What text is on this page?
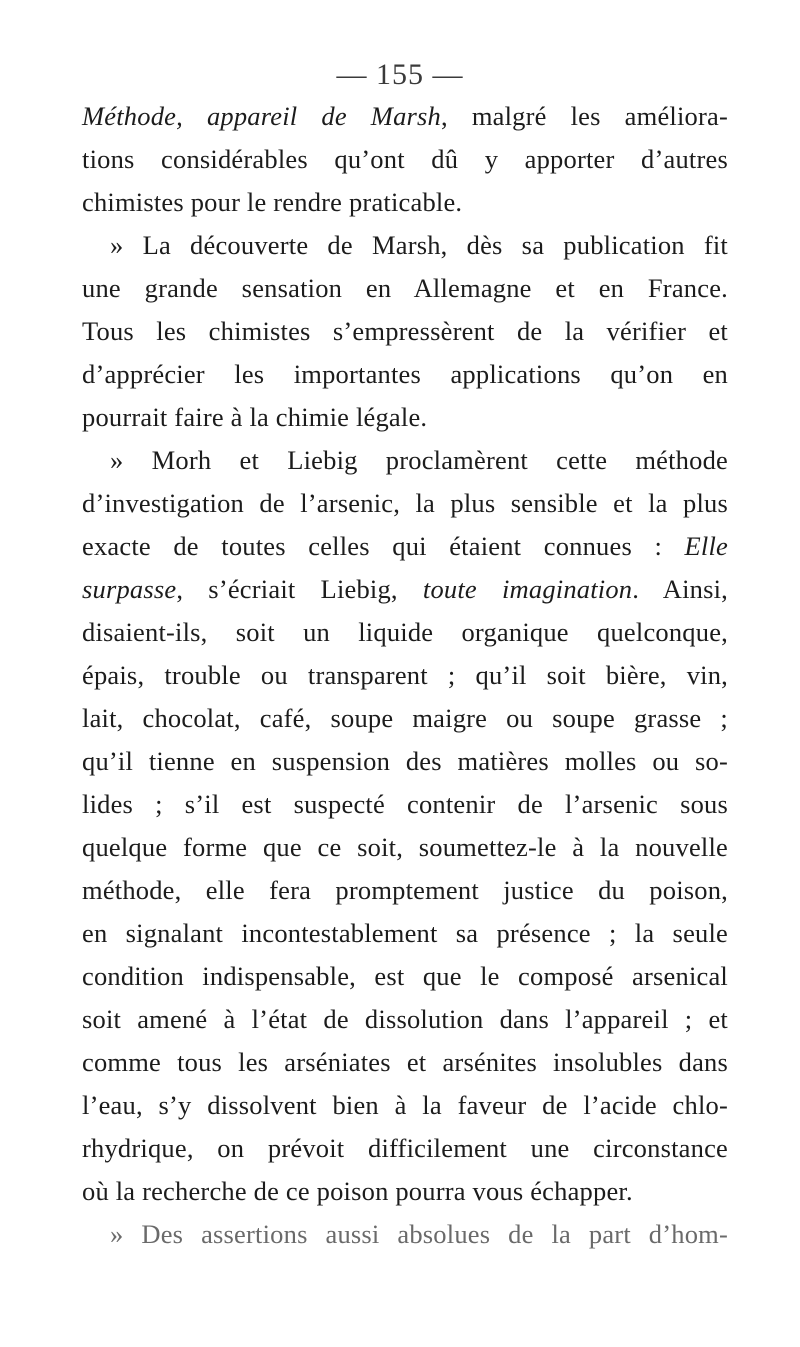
— 155 —
Méthode, appareil de Marsh, malgré les améliora-
tions considérables qu’ont dû y apporter d’autres
chimistes pour le rendre praticable.
» La découverte de Marsh, dès sa publication fit
une grande sensation en Allemagne et en France.
Tous les chimistes s’empressèrent de la vérifier et
d’apprécier les importantes applications qu’on en
pourrait faire à la chimie légale.
» Morh et Liebig proclamèrent cette méthode
d’investigation de l’arsenic, la plus sensible et la plus
exacte de toutes celles qui étaient connues : Elle
surpasse, s’écriait Liebig, toute imagination. Ainsi,
disaient-ils, soit un liquide organique quelconque,
épais, trouble ou transparent ; qu’il soit bière, vin,
lait, chocolat, café, soupe maigre ou soupe grasse ;
qu’il tienne en suspension des matières molles ou so-
lides ; s’il est suspecté contenir de l’arsenic sous
quelque forme que ce soit, soumettez-le à la nouvelle
méthode, elle fera promptement justice du poison,
en signalant incontestablement sa présence ; la seule
condition indispensable, est que le composé arsenical
soit amené à l’état de dissolution dans l’appareil ; et
comme tous les arséniates et arsénites insolubles dans
l’eau, s’y dissolvent bien à la faveur de l’acide chlo-
rhydrique, on prévoit difficilement une circonstance
où la recherche de ce poison pourra vous échapper.
» Des assertions aussi absolues de la part d’hom-
